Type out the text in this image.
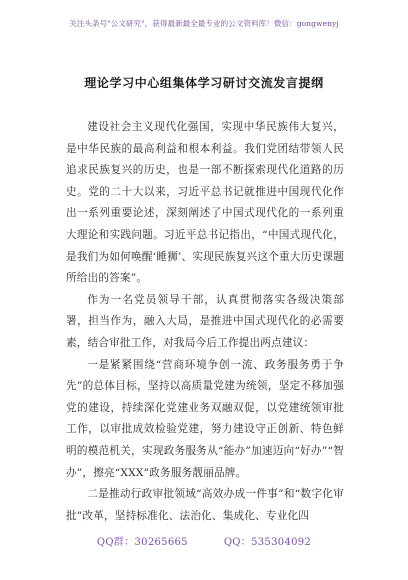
关注头条号"公文研究"，获得最新最全最专业的公文资料库！微信：gongwenyj
理论学习中心组集体学习研讨交流发言提纲

建设社会主义现代化强国，实现中华民族伟大复兴，是中华民族的最高利益和根本利益。我们党团结带领人民追求民族复兴的历史，也是一部不断探索现代化道路的历史。党的二十大以来，习近平总书记就推进中国现代化作出一系列重要论述，深刻阐述了中国式现代化的一系列重大理论和实践问题。习近平总书记指出，“中国式现代化，是我们为如何唤醒‘睡狮’、实现民族复兴这个重大历史课题所给出的答案”。

作为一名党员领导干部，认真贯彻落实各级决策部署，担当作为，融入大局，是推进中国式现代化的必需要素，结合审批工作，对我局今后工作提出两点建议：

一是紧紧围绕“营商环境争创一流、政务服务勇于争先”的总体目标，坚持以高质量党建为统领，坚定不移加强党的建设，持续深化党建业务双融双促，以党建统领审批工作，以审批成效检验党建，努力建设守正创新、特色鲜明的模范机关，实现政务服务从“能办”加速迈向“好办”“智办”，擦亮“XXX”政务服务靓丽品牌。

二是推动行政审批领域“高效办成一件事”和“数字化审批”改革，坚持标准化、法治化、集成化、专业化四

QQ群：30265665	QQ：535304092
